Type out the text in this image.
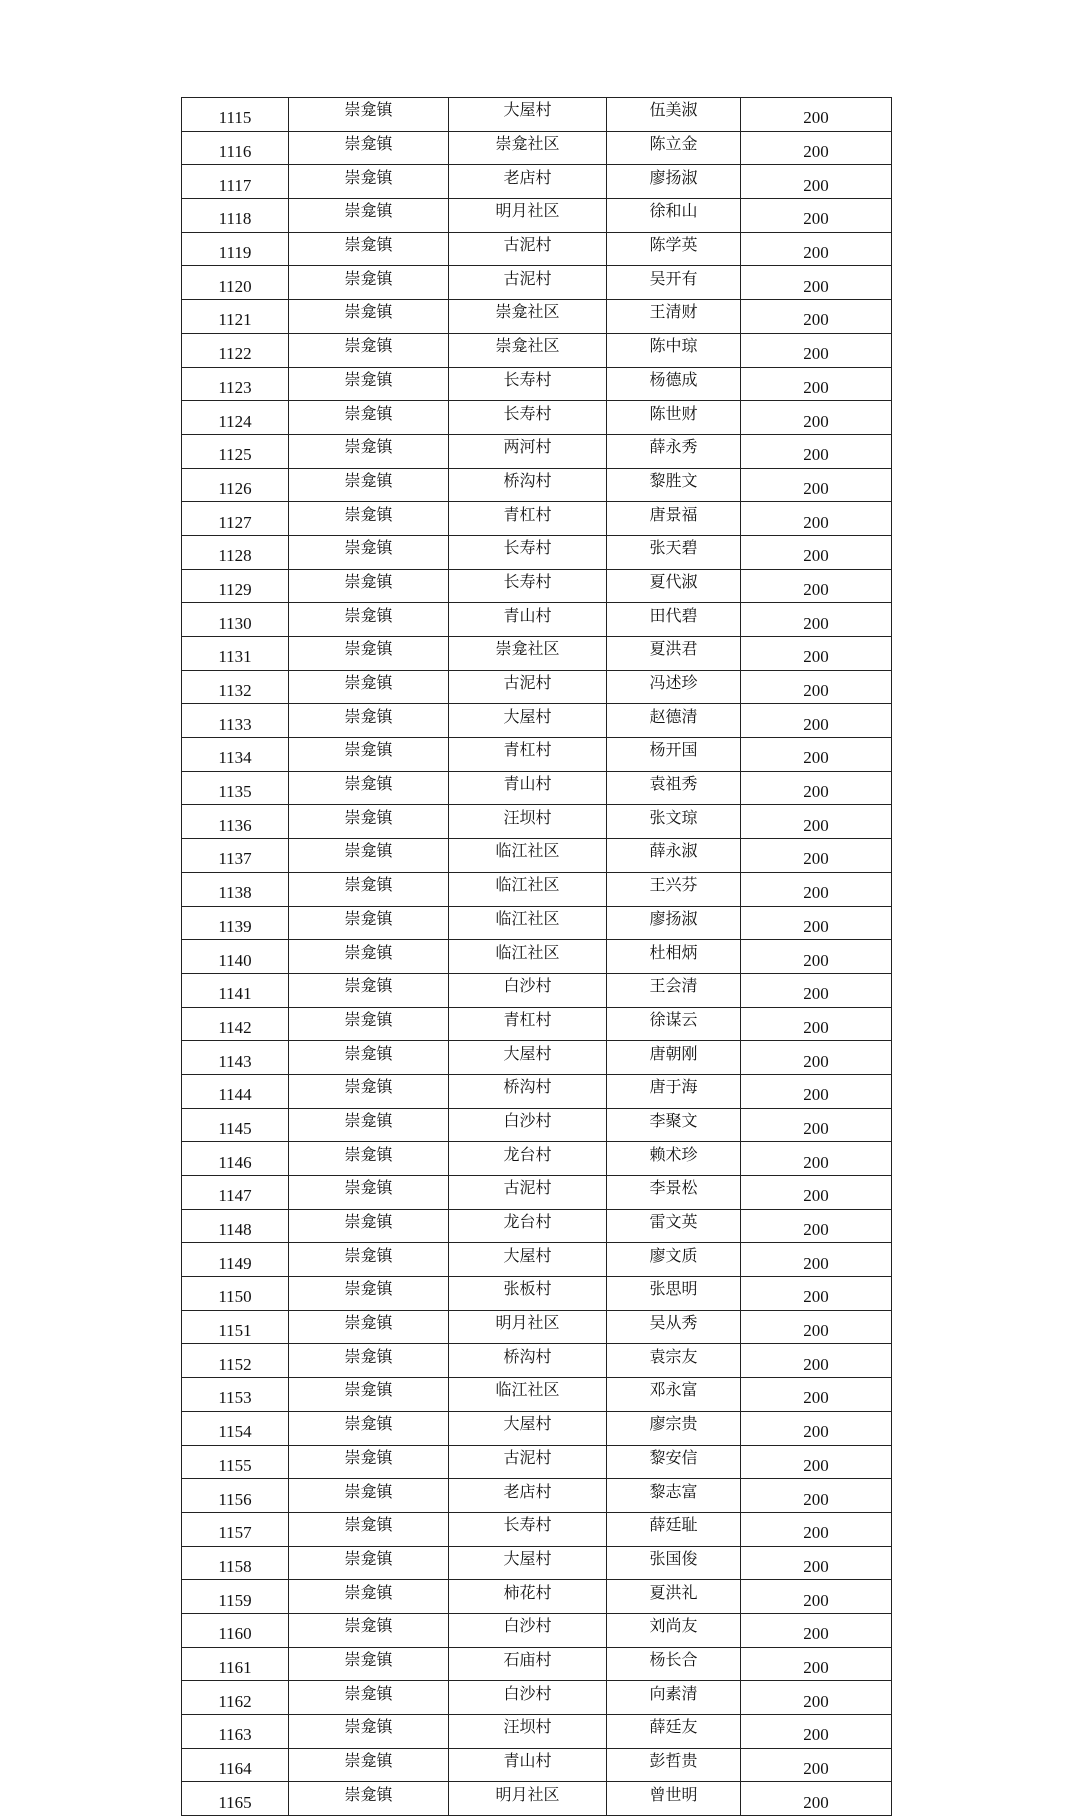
1115	崇龛镇	大屋村	伍美淑	200
1116	崇龛镇	崇龛社区	陈立金	200
1117	崇龛镇	老店村	廖扬淑	200
1118	崇龛镇	明月社区	徐和山	200
1119	崇龛镇	古泥村	陈学英	200
1120	崇龛镇	古泥村	吴开有	200
1121	崇龛镇	崇龛社区	王清财	200
1122	崇龛镇	崇龛社区	陈中琼	200
1123	崇龛镇	长寿村	杨德成	200
1124	崇龛镇	长寿村	陈世财	200
1125	崇龛镇	两河村	薛永秀	200
1126	崇龛镇	桥沟村	黎胜文	200
1127	崇龛镇	青杠村	唐景福	200
1128	崇龛镇	长寿村	张天碧	200
1129	崇龛镇	长寿村	夏代淑	200
1130	崇龛镇	青山村	田代碧	200
1131	崇龛镇	崇龛社区	夏洪君	200
1132	崇龛镇	古泥村	冯述珍	200
1133	崇龛镇	大屋村	赵德清	200
1134	崇龛镇	青杠村	杨开国	200
1135	崇龛镇	青山村	袁祖秀	200
1136	崇龛镇	汪坝村	张文琼	200
1137	崇龛镇	临江社区	薛永淑	200
1138	崇龛镇	临江社区	王兴芬	200
1139	崇龛镇	临江社区	廖扬淑	200
1140	崇龛镇	临江社区	杜相炳	200
1141	崇龛镇	白沙村	王会清	200
1142	崇龛镇	青杠村	徐谋云	200
1143	崇龛镇	大屋村	唐朝刚	200
1144	崇龛镇	桥沟村	唐于海	200
1145	崇龛镇	白沙村	李聚文	200
1146	崇龛镇	龙台村	赖术珍	200
1147	崇龛镇	古泥村	李景松	200
1148	崇龛镇	龙台村	雷文英	200
1149	崇龛镇	大屋村	廖文质	200
1150	崇龛镇	张板村	张思明	200
1151	崇龛镇	明月社区	吴从秀	200
1152	崇龛镇	桥沟村	袁宗友	200
1153	崇龛镇	临江社区	邓永富	200
1154	崇龛镇	大屋村	廖宗贵	200
1155	崇龛镇	古泥村	黎安信	200
1156	崇龛镇	老店村	黎志富	200
1157	崇龛镇	长寿村	薛廷耻	200
1158	崇龛镇	大屋村	张国俊	200
1159	崇龛镇	柿花村	夏洪礼	200
1160	崇龛镇	白沙村	刘尚友	200
1161	崇龛镇	石庙村	杨长合	200
1162	崇龛镇	白沙村	向素清	200
1163	崇龛镇	汪坝村	薛廷友	200
1164	崇龛镇	青山村	彭哲贵	200
1165	崇龛镇	明月社区	曾世明	200
